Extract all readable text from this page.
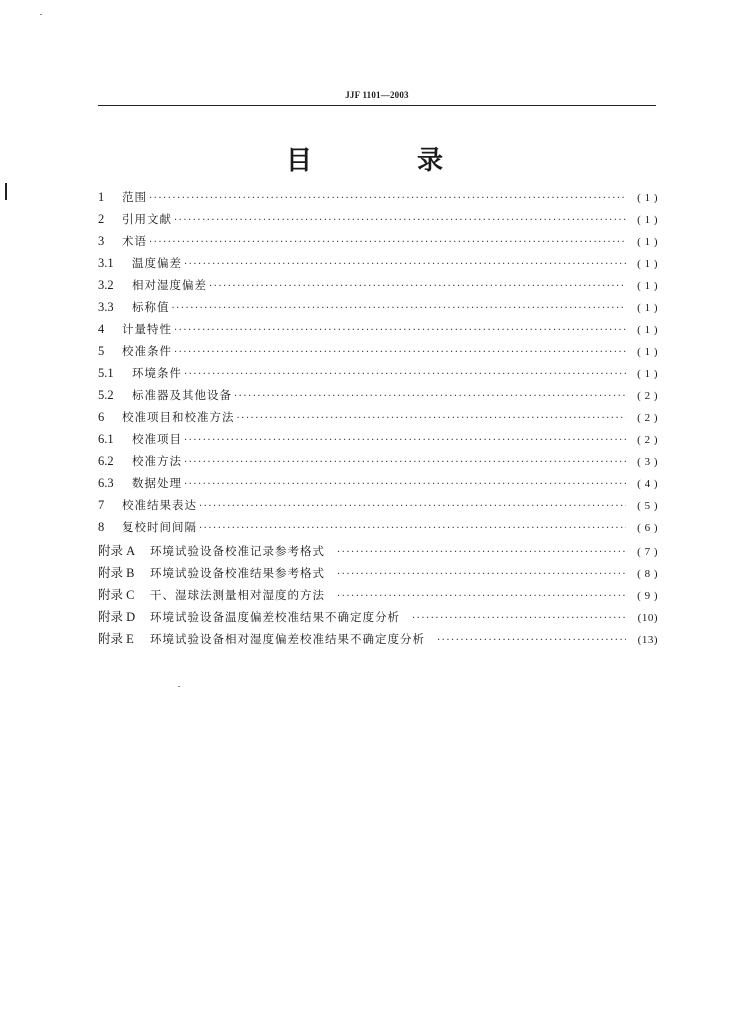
JJF 1101—2003
目 录
1	范围 ·····	( 1 )
2	引用文献 ·····	( 1 )
3	术语 ·····	( 1 )
3.1	温度偏差 ·····	( 1 )
3.2	相对湿度偏差 ·····	( 1 )
3.3	标称值 ·····	( 1 )
4	计量特性 ·····	( 1 )
5	校准条件 ·····	( 1 )
5.1	环境条件 ·····	( 1 )
5.2	标准器及其他设备 ·····	( 2 )
6	校准项目和校准方法 ·····	( 2 )
6.1	校准项目 ·····	( 2 )
6.2	校准方法 ·····	( 3 )
6.3	数据处理 ·····	( 4 )
7	校准结果表达 ·····	( 5 )
8	复校时间间隔 ·····	( 6 )
附录 A	环境试验设备校准记录参考格式 ·····	( 7 )
附录 B	环境试验设备校准结果参考格式 ·····	( 8 )
附录 C	干、湿球法测量相对湿度的方法 ·····	( 9 )
附录 D	环境试验设备温度偏差校准结果不确定度分析 ·····	(10)
附录 E	环境试验设备相对湿度偏差校准结果不确定度分析 ·····	(13)
